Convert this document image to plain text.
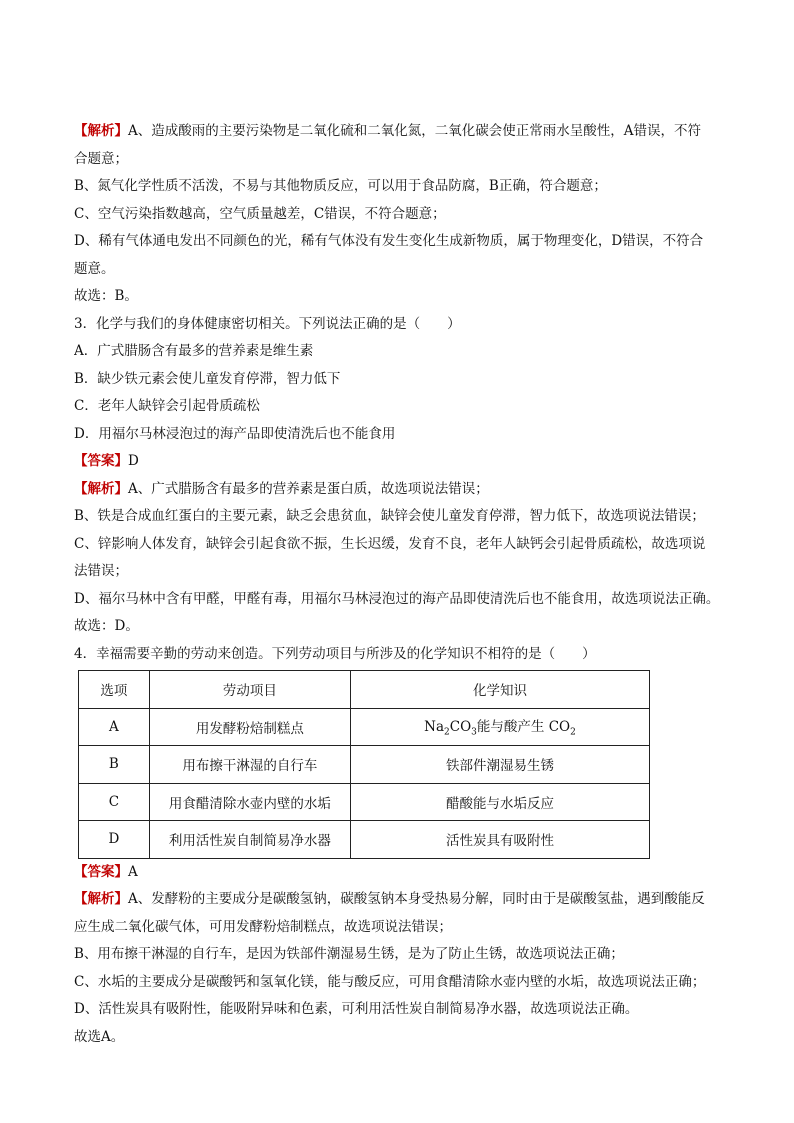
【解析】A、造成酸雨的主要污染物是二氧化硫和二氧化氮，二氧化碳会使正常雨水呈酸性，A错误，不符
合题意；
B、氮气化学性质不活泼，不易与其他物质反应，可以用于食品防腐，B正确，符合题意；
C、空气污染指数越高，空气质量越差，C错误，不符合题意；
D、稀有气体通电发出不同颜色的光，稀有气体没有发生变化生成新物质，属于物理变化，D错误，不符合
题意。
故选：B。
3．化学与我们的身体健康密切相关。下列说法正确的是（　　）
A．广式腊肠含有最多的营养素是维生素
B．缺少铁元素会使儿童发育停滞，智力低下
C．老年人缺锌会引起骨质疏松
D．用福尔马林浸泡过的海产品即使清洗后也不能食用
【答案】D
【解析】A、广式腊肠含有最多的营养素是蛋白质，故选项说法错误；
B、铁是合成血红蛋白的主要元素，缺乏会患贫血，缺锌会使儿童发育停滞，智力低下，故选项说法错误；
C、锌影响人体发育，缺锌会引起食欲不振，生长迟缓，发育不良，老年人缺钙会引起骨质疏松，故选项说
法错误；
D、福尔马林中含有甲醛，甲醛有毒，用福尔马林浸泡过的海产品即使清洗后也不能食用，故选项说法正确。
故选：D。
4．幸福需要辛勤的劳动来创造。下列劳动项目与所涉及的化学知识不相符的是（　　）
选项	劳动项目	化学知识
A	用发酵粉焙制糕点	$Na_2CO_3$能与酸产生 $CO_2$
B	用布擦干淋湿的自行车	铁部件潮湿易生锈
C	用食醋清除水壶内壁的水垢	醋酸能与水垢反应
D	利用活性炭自制简易净水器	活性炭具有吸附性
【答案】A
【解析】A、发酵粉的主要成分是碳酸氢钠，碳酸氢钠本身受热易分解，同时由于是碳酸氢盐，遇到酸能反
应生成二氧化碳气体，可用发酵粉焙制糕点，故选项说法错误；
B、用布擦干淋湿的自行车，是因为铁部件潮湿易生锈，是为了防止生锈，故选项说法正确；
C、水垢的主要成分是碳酸钙和氢氧化镁，能与酸反应，可用食醋清除水壶内壁的水垢，故选项说法正确；
D、活性炭具有吸附性，能吸附异味和色素，可利用活性炭自制简易净水器，故选项说法正确。
故选A。
